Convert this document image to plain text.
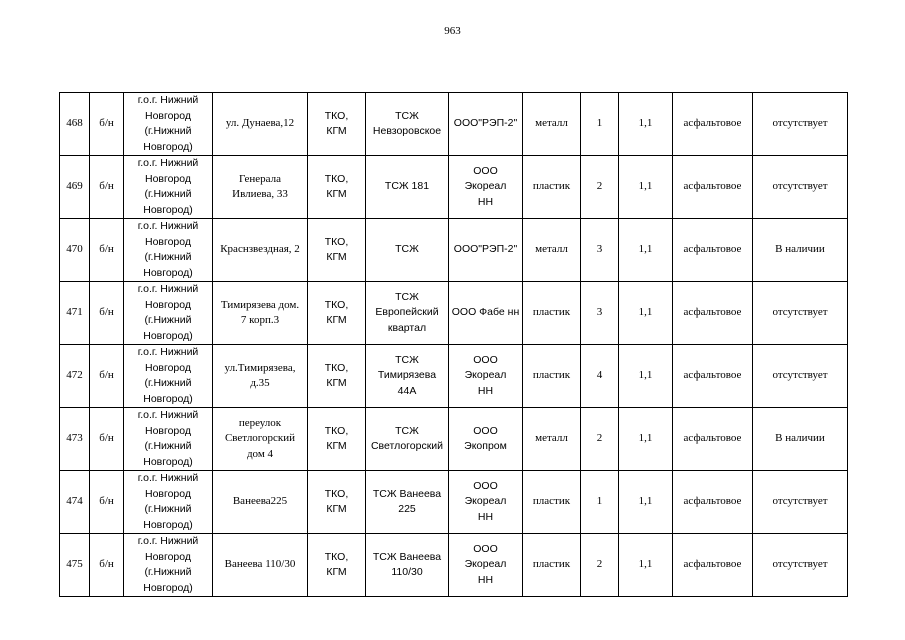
963
468	б/н	г.о.г. Нижний
Новгород
(г.Нижний
Новгород)	ул. Дунаева,12	ТКО,
КГМ	ТСЖ
Невзоровское	ООО"РЭП-2"	металл	1	1,1	асфальтовое	отсутствует
469	б/н	г.о.г. Нижний
Новгород
(г.Нижний
Новгород)	Генерала
Ивлиева, 33	ТКО,
КГМ	ТСЖ 181	ООО Экореал
НН	пластик	2	1,1	асфальтовое	отсутствует
470	б/н	г.о.г. Нижний
Новгород
(г.Нижний
Новгород)	Краснзвездная, 2	ТКО,
КГМ	ТСЖ	ООО"РЭП-2"	металл	3	1,1	асфальтовое	В наличии
471	б/н	г.о.г. Нижний
Новгород
(г.Нижний
Новгород)	Тимирязева дом.
7 корп.3	ТКО,
КГМ	ТСЖ
Европейский
квартал	ООО Фабе нн	пластик	3	1,1	асфальтовое	отсутствует
472	б/н	г.о.г. Нижний
Новгород
(г.Нижний
Новгород)	ул.Тимирязева,
д.35	ТКО,
КГМ	ТСЖ
Тимирязева
44А	ООО Экореал
НН	пластик	4	1,1	асфальтовое	отсутствует
473	б/н	г.о.г. Нижний
Новгород
(г.Нижний
Новгород)	переулок
Светлогорский
дом 4	ТКО,
КГМ	ТСЖ
Светлогорский	ООО
Экопром	металл	2	1,1	асфальтовое	В наличии
474	б/н	г.о.г. Нижний
Новгород
(г.Нижний
Новгород)	Ванеева225	ТКО,
КГМ	ТСЖ Ванеева
225	ООО Экореал
НН	пластик	1	1,1	асфальтовое	отсутствует
475	б/н	г.о.г. Нижний
Новгород
(г.Нижний
Новгород)	Ванеева 110/30	ТКО,
КГМ	ТСЖ Ванеева
110/30	ООО Экореал
НН	пластик	2	1,1	асфальтовое	отсутствует
